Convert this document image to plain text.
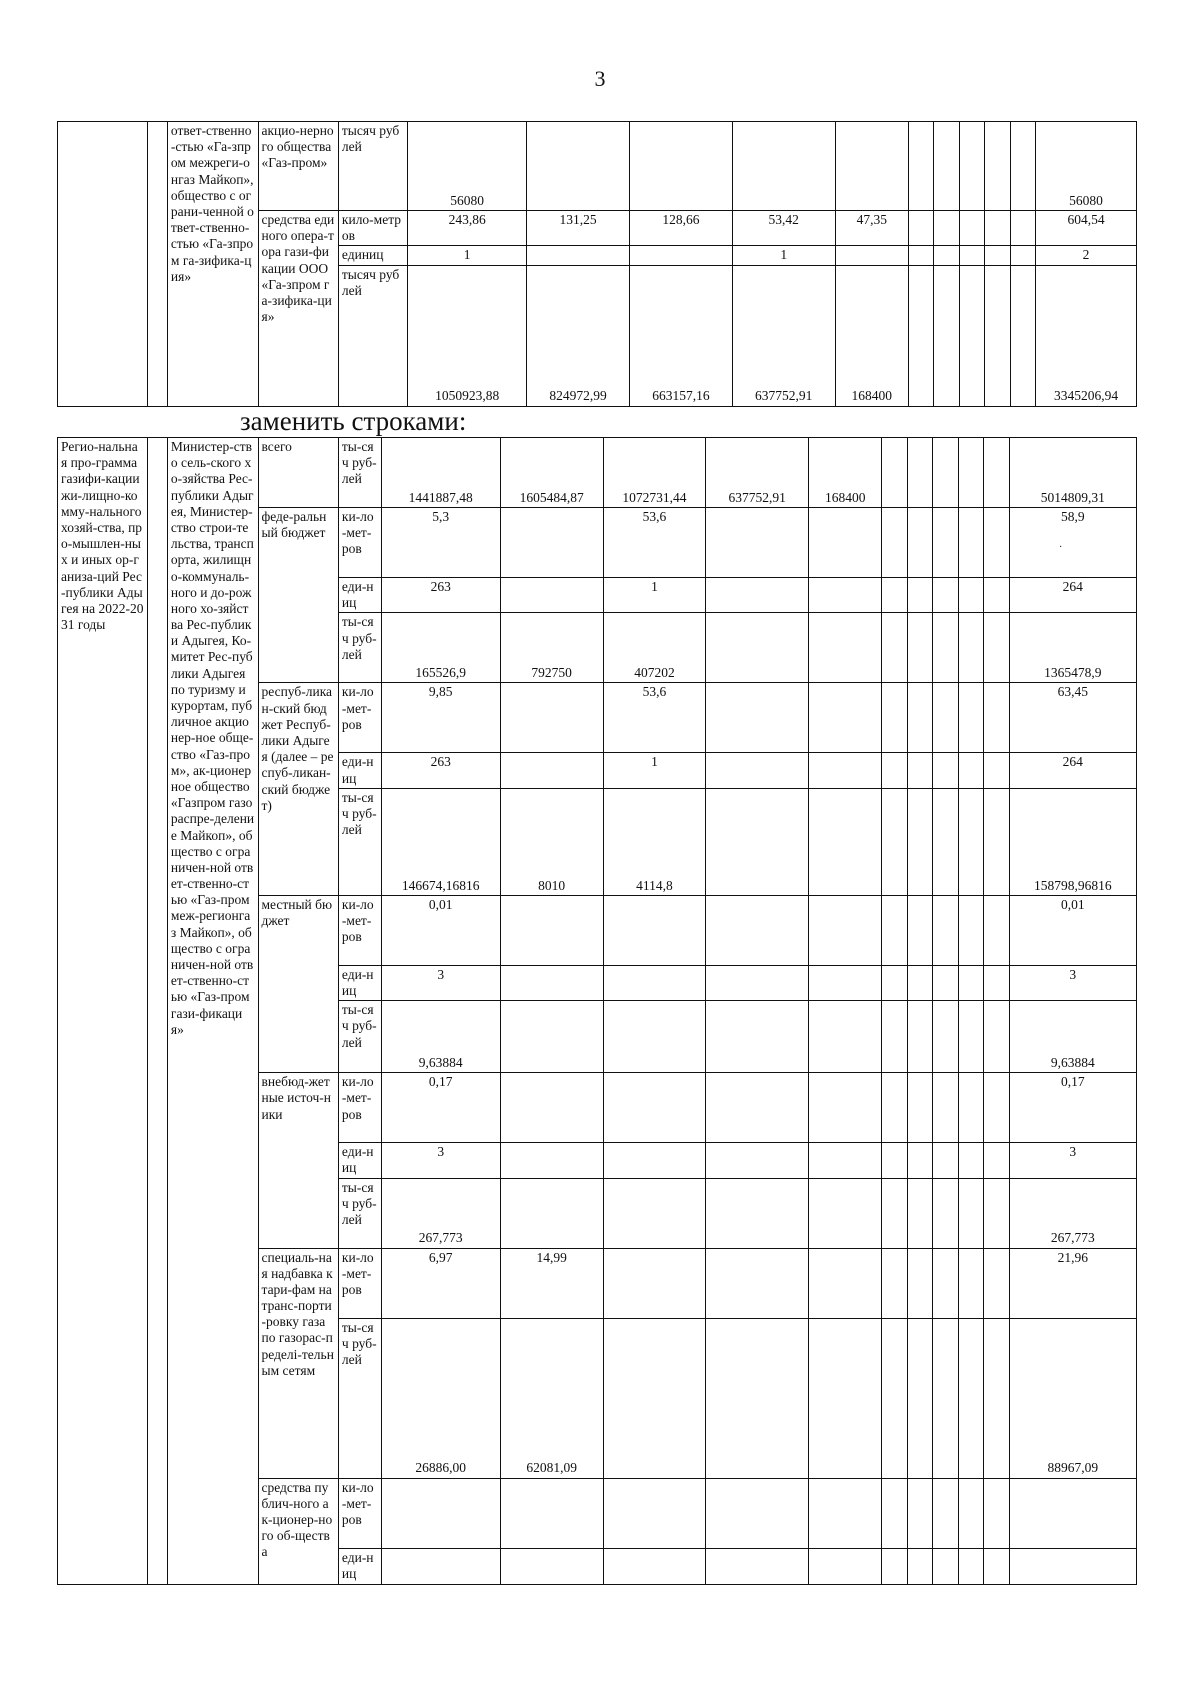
3
		ответ-ственно-стью «Га-зпром межреги-онгаз Майкоп», общество с ограни-ченной ответ-ственно-стью «Га-зпром га-зифика-ция»	акцио-нерного общества «Газ-пром»	тысяч рублей	56080										56080
			средства единого опера-тора гази-фикации ООО «Га-зпром га-зифика-ция»	кило-метров	243,86	131,25	128,66	53,42	47,35						604,54
				единиц	1			1							2
				тысяч рублей	1050923,88	824972,99	663157,16	637752,91	168400						3345206,94
заменить строками:
Регио-нальная про-грамма газифи-кации жи-лищно-комму-нального хозяй-ства, про-мышлен-ных и иных ор-ганиза-ций Рес-публики Адыгея на 2022-2031 годы		Министер-ство сель-ского хо-зяйства Рес-публики Адыгея, Министер-ство строи-тельства, транспорта, жилищно-коммуналь-ного и до-рожного хо-зяйства Рес-публики Адыгея, Ко-митет Рес-публики Адыгея по туризму и курортам, публичное акционер-ное обще-ство «Газ-пром», ак-ционерное общество «Газпром газораспре-деление Майкоп», общество с ограничен-ной ответ-ственно-стью «Газ-пром меж-регионгаз Майкоп», общество с ограничен-ной ответ-ственно-стью «Газ-пром гази-фикация»	всего	ты-сяч руб-лей	1441887,48	1605484,87	1072731,44	637752,91	168400						5014809,31
			феде-ральный бюджет	ки-ло-мет-ров	5,3		53,6								58,9
				еди-ниц	263		1								264
				ты-сяч руб-лей	165526,9	792750	407202								1365478,9
			респуб-ликан-ский бюджет Респуб-лики Адыгея (далее – респуб-ликан-ский бюджет)	ки-ло-мет-ров	9,85		53,6								63,45
				еди-ниц	263		1								264
				ты-сяч руб-лей	146674,16816	8010	4114,8								158798,96816
			местный бюджет	ки-ло-мет-ров	0,01										0,01
				еди-ниц	3										3
				ты-сяч руб-лей	9,63884										9,63884
			внебюд-жетные источ-ники	ки-ло-мет-ров	0,17										0,17
				еди-ниц	3										3
				ты-сяч руб-лей	267,773										267,773
			специаль-ная надбавка к тари-фам на транс-порти-ровку газа по газорас-пределi-тельным сетям	ки-ло-мет-ров	6,97	14,99									21,96
				ты-сяч руб-лей	26886,00	62081,09									88967,09
			средства публич-ного ак-ционер-ного об-щества	ки-ло-мет-ров											
				еди-ниц											
·
